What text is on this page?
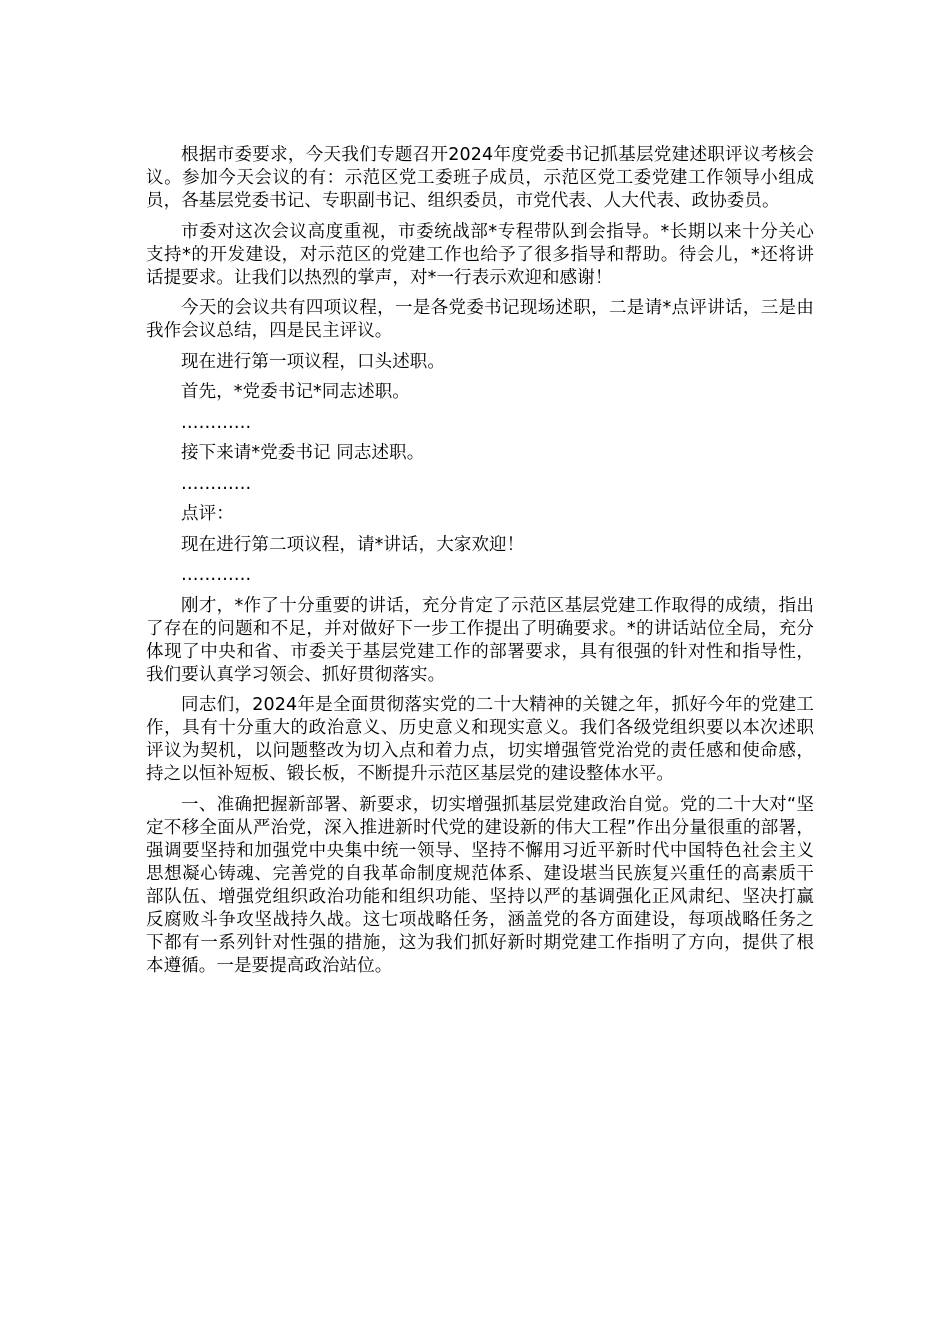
根据市委要求，今天我们专题召开2024年度党委书记抓基层党建述职评议考核会议。参加今天会议的有：示范区党工委班子成员，示范区党工委党建工作领导小组成员，各基层党委书记、专职副书记、组织委员，市党代表、人大代表、政协委员。

市委对这次会议高度重视，市委统战部*专程带队到会指导。*长期以来十分关心支持*的开发建设，对示范区的党建工作也给予了很多指导和帮助。待会儿，*还将讲话提要求。让我们以热烈的掌声，对*一行表示欢迎和感谢！

今天的会议共有四项议程，一是各党委书记现场述职，二是请*点评讲话，三是由我作会议总结，四是民主评议。

现在进行第一项议程，口头述职。

首先，*党委书记*同志述职。

…………

接下来请*党委书记 同志述职。

…………

点评：

现在进行第二项议程，请*讲话，大家欢迎！

…………

刚才，*作了十分重要的讲话，充分肯定了示范区基层党建工作取得的成绩，指出了存在的问题和不足，并对做好下一步工作提出了明确要求。*的讲话站位全局，充分体现了中央和省、市委关于基层党建工作的部署要求，具有很强的针对性和指导性，我们要认真学习领会、抓好贯彻落实。

同志们，2024年是全面贯彻落实党的二十大精神的关键之年，抓好今年的党建工作，具有十分重大的政治意义、历史意义和现实意义。我们各级党组织要以本次述职评议为契机，以问题整改为切入点和着力点，切实增强管党治党的责任感和使命感，持之以恒补短板、锻长板，不断提升示范区基层党的建设整体水平。

一、准确把握新部署、新要求，切实增强抓基层党建政治自觉。党的二十大对“坚定不移全面从严治党，深入推进新时代党的建设新的伟大工程”作出分量很重的部署，强调要坚持和加强党中央集中统一领导、坚持不懈用习近平新时代中国特色社会主义思想凝心铸魂、完善党的自我革命制度规范体系、建设堪当民族复兴重任的高素质干部队伍、增强党组织政治功能和组织功能、坚持以严的基调强化正风肃纪、坚决打赢反腐败斗争攻坚战持久战。这七项战略任务，涵盖党的各方面建设，每项战略任务之下都有一系列针对性强的措施，这为我们抓好新时期党建工作指明了方向，提供了根本遵循。一是要提高政治站位。
